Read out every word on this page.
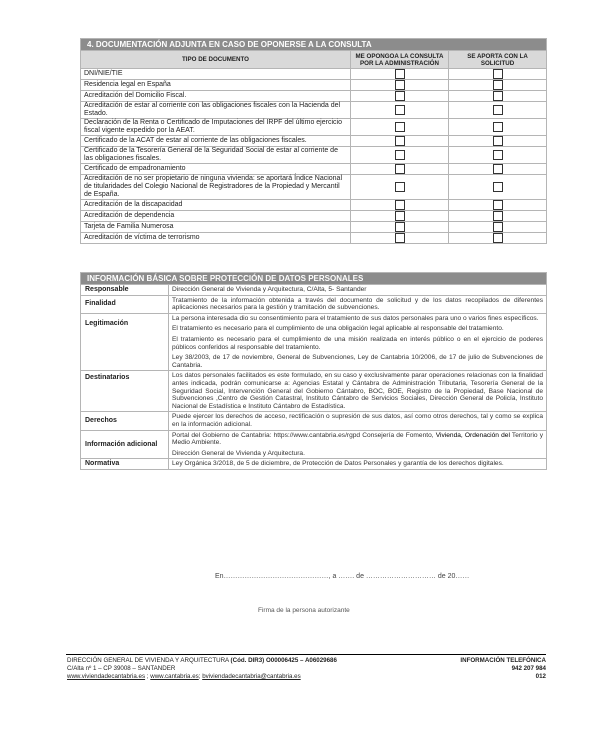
4. DOCUMENTACIÓN ADJUNTA EN CASO DE OPONERSE A LA CONSULTA		
TIPO DE DOCUMENTO	ME OPONGOA LA CONSULTA POR LA ADMINISTRACIÓN	SE APORTA CON LA SOLICITUD
DNI/NIE/TIE		
Residencia legal en España		
Acreditación del Domicilio Fiscal.		
Acreditación de estar al corriente con las obligaciones fiscales con la Hacienda del Estado.		
Declaración de la Renta o Certificado de Imputaciones del IRPF del último ejercicio fiscal vigente expedido por la AEAT.		
Certificado de la ACAT de estar al corriente de las obligaciones fiscales.		
Certificado de la Tesorería General de la Seguridad Social de estar al corriente de las obligaciones fiscales.		
Certificado de empadronamiento		
Acreditación de no ser propietario de ninguna vivienda: se aportará Índice Nacional de titularidades del Colegio Nacional de Registradores de la Propiedad y Mercantil de España.		
Acreditación de la discapacidad		
Acreditación de dependencia		
Tarjeta de Familia Numerosa		
Acreditación de víctima de terrorismo		
INFORMACIÓN BÁSICA SOBRE PROTECCIÓN DE DATOS PERSONALES	
Responsable	Dirección General de Vivienda y Arquitectura, C/Alta, 5- Santander
Finalidad	Tratamiento de la información obtenida a través del documento de solicitud y de los datos recopilados de diferentes aplicaciones necesarios para la gestión y tramitación de subvenciones.
Legitimación	La persona interesada dio su consentimiento para el tratamiento de sus datos personales para uno o varios fines específicos.

El tratamiento es necesario para el cumplimiento de una obligación legal aplicable al responsable del tratamiento.

El tratamiento es necesario para el cumplimiento de una misión realizada en interés público o en el ejercicio de poderes públicos conferidos al responsable del tratamiento.

Ley 38/2003, de 17 de noviembre, General de Subvenciones, Ley de Cantabria 10/2006, de 17 de julio de Subvenciones de Cantabria.

Destinatarios	Los datos personales facilitados es este formulado, en su caso y exclusivamente parar operaciones relacionas con la finalidad antes indicada, podrán comunicarse a: Agencias Estatal y Cántabra de Administración Tributaria, Tesorería General de la Seguridad Social, Intervención General del Gobierno Cántabro, BOC, BOE, Registro de la Propiedad, Base Nacional de Subvenciones ,Centro de Gestión Catastral, Instituto Cántabro de Servicios Sociales, Dirección General de Policía, Instituto Nacional de Estadística e Instituto Cántabro de Estadística.
Derechos	Puede ejercer los derechos de acceso, rectificación o supresión de sus datos, así como otros derechos, tal y como se explica en la información adicional.
Información adicional	Portal del Gobierno de Cantabria: https://www.cantabria.es/rgpd Consejería de Fomento, Vivienda, Ordenación del Territorio y Medio Ambiente.

Dirección General de Vivienda y Arquitectura.

Normativa	Ley Orgánica 3/2018, de 5 de diciembre, de Protección de Datos Personales y garantía de los derechos digitales.
En………………………………………, a ……. de ………………………… de 20……
Firma de la persona autorizante
DIRECCIÓN GENERAL DE VIVIENDA Y ARQUITECTURA (Cód. DIR3) O00006425 – A06029686
C/Alta nº 1 – CP 39008 – SANTANDER
www.viviendadecantabria.es ; www.cantabria.es; bviviendadecantabria@cantabria.es
INFORMACIÓN TELEFÓNICA
942 207 984
012
